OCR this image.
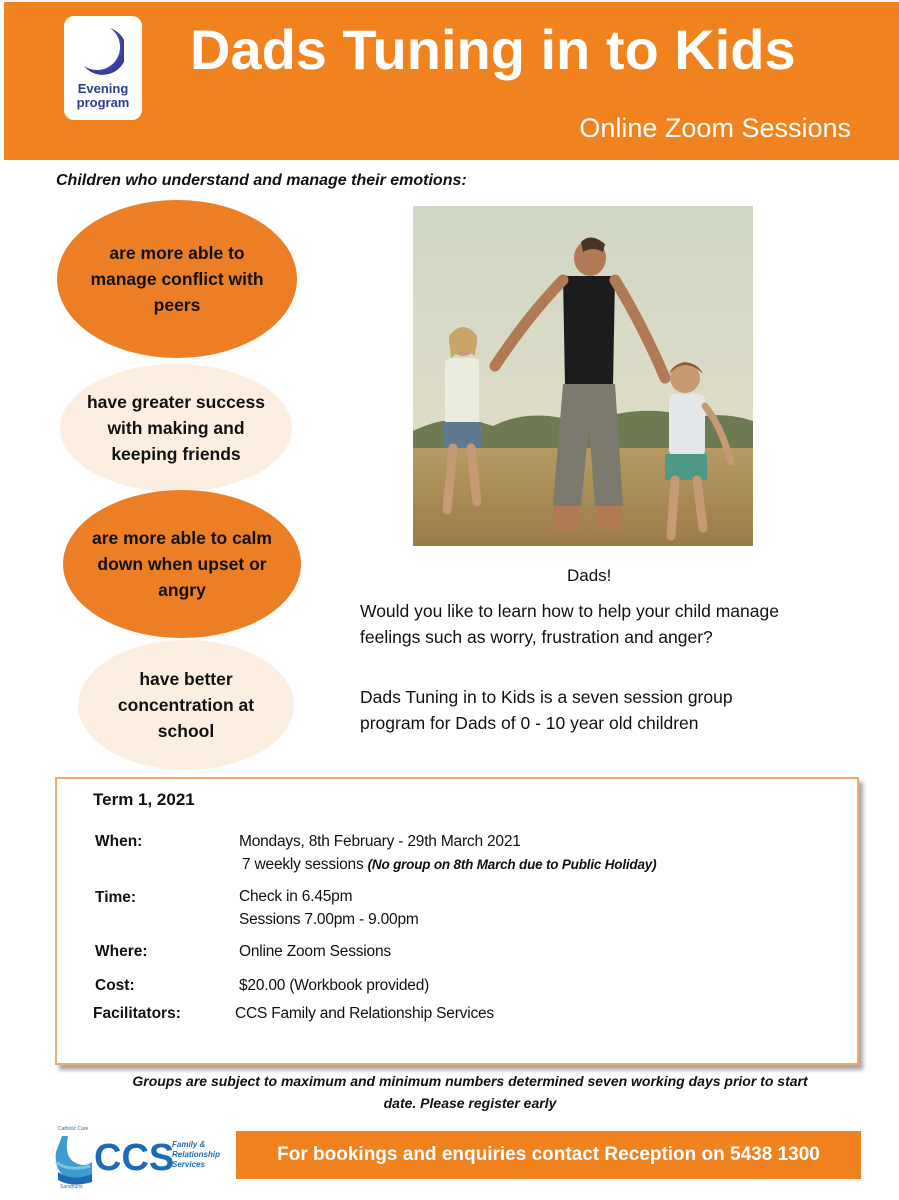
Evening
program
Dads Tuning in to Kids
Online Zoom Sessions
Children who understand and manage their emotions:
are more able to manage conflict with peers
have greater success with making and keeping friends
are more able to calm down when upset or angry
have better concentration at school
Dads!
Would you like to learn how to help your child manage feelings such as worry, frustration and anger?
Dads Tuning in to Kids is a seven session group program for Dads of 0 - 10 year old children
Term 1, 2021
When:	Mondays, 8th February - 29th March 2021
7 weekly sessions (No group on 8th March due to Public Holiday)
Time:	Check in 6.45pm
Sessions 7.00pm - 9.00pm
Where:	Online Zoom Sessions
Cost:	$20.00 (Workbook provided)
Facilitators:	CCS Family and Relationship Services
Groups are subject to maximum and minimum numbers determined seven working days prior to start date. Please register early
Catholic Care
CCS
Family & Relationship Services
Sandhurst
For bookings and enquiries contact Reception on 5438 1300
